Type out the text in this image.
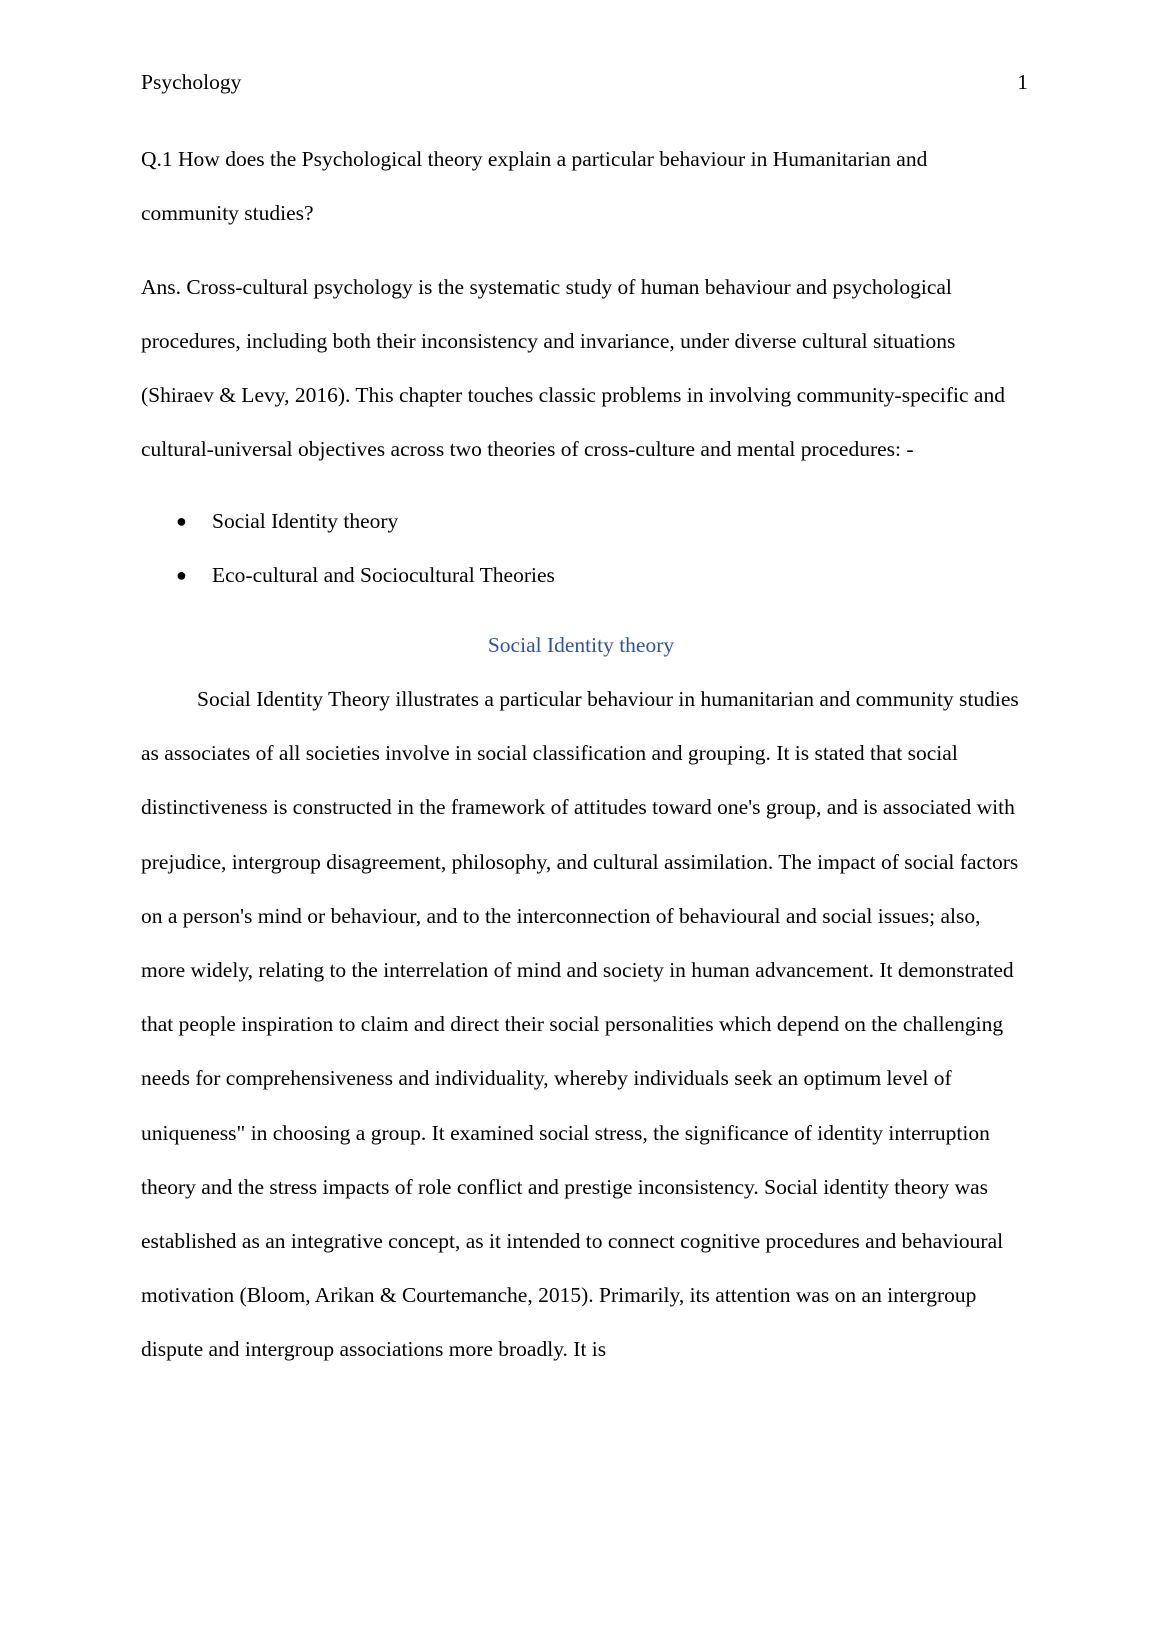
Psychology	1

Q.1 How does the Psychological theory explain a particular behaviour in Humanitarian and community studies?

Ans. Cross-cultural psychology is the systematic study of human behaviour and psychological procedures, including both their inconsistency and invariance, under diverse cultural situations (Shiraev & Levy, 2016). This chapter touches classic problems in involving community-specific and cultural-universal objectives across two theories of cross-culture and mental procedures: -

● Social Identity theory
● Eco-cultural and Sociocultural Theories
Social Identity theory

Social Identity Theory illustrates a particular behaviour in humanitarian and community studies as associates of all societies involve in social classification and grouping. It is stated that social distinctiveness is constructed in the framework of attitudes toward one's group, and is associated with prejudice, intergroup disagreement, philosophy, and cultural assimilation. The impact of social factors on a person's mind or behaviour, and to the interconnection of behavioural and social issues; also, more widely, relating to the interrelation of mind and society in human advancement. It demonstrated that people inspiration to claim and direct their social personalities which depend on the challenging needs for comprehensiveness and individuality, whereby individuals seek an optimum level of uniqueness" in choosing a group. It examined social stress, the significance of identity interruption theory and the stress impacts of role conflict and prestige inconsistency. Social identity theory was established as an integrative concept, as it intended to connect cognitive procedures and behavioural motivation (Bloom, Arikan & Courtemanche, 2015). Primarily, its attention was on an intergroup dispute and intergroup associations more broadly. It is
